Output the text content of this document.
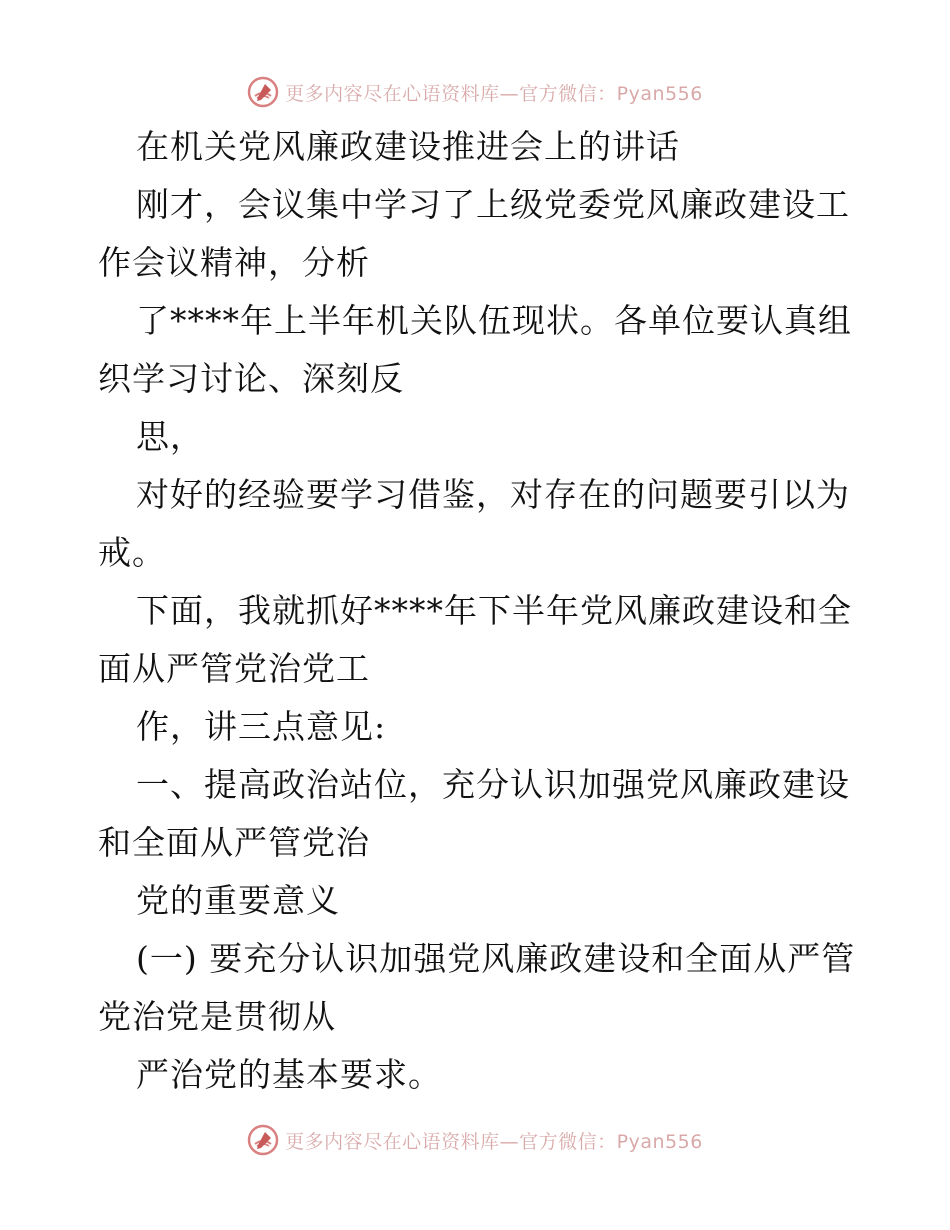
更多内容尽在心语资料库—官方微信：Pyan556
在机关党风廉政建设推进会上的讲话
刚才，会议集中学习了上级党委党风廉政建设工
作会议精神，分析
了****年上半年机关队伍现状。各单位要认真组
织学习讨论、深刻反
思，
对好的经验要学习借鉴，对存在的问题要引以为
戒。
下面，我就抓好****年下半年党风廉政建设和全
面从严管党治党工
作，讲三点意见:
一、提高政治站位，充分认识加强党风廉政建设
和全面从严管党治
党的重要意义
(一) 要充分认识加强党风廉政建设和全面从严管
党治党是贯彻从
严治党的基本要求。
更多内容尽在心语资料库—官方微信：Pyan556
